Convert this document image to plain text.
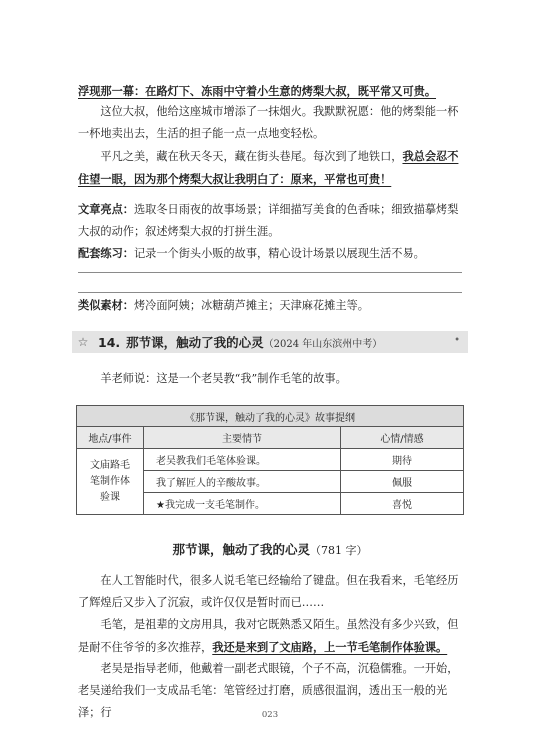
浮现那一幕：在路灯下、冻雨中守着小生意的烤梨大叔，既平常又可贵。

这位大叔，他给这座城市增添了一抹烟火。我默默祝愿：他的烤梨能一杯一杯地卖出去，生活的担子能一点一点地变轻松。

平凡之美，藏在秋天冬天，藏在街头巷尾。每次到了地铁口，我总会忍不住望一眼，因为那个烤梨大叔让我明白了：原来，平常也可贵！

文章亮点：选取冬日雨夜的故事场景；详细描写美食的色香味；细致描摹烤梨大叔的动作；叙述烤梨大叔的打拼生涯。

配套练习：记录一个街头小贩的故事，精心设计场景以展现生活不易。

类似素材：烤冷面阿姨；冰糖葫芦摊主；天津麻花摊主等。

☆ 14. 那节课，触动了我的心灵 （2024 年山东滨州中考）	•

羊老师说：这是一个老吴教“我”制作毛笔的故事。

《那节课，触动了我的心灵》故事提纲		
地点/事件	主要情节	心情/情感

文庙路毛笔制作体验课	老吴教我们毛笔体验课。	期待
	我了解匠人的辛酸故事。	佩服
	★我完成一支毛笔制作。	喜悦
那节课，触动了我的心灵（781 字）

在人工智能时代，很多人说毛笔已经输给了键盘。但在我看来，毛笔经历了辉煌后又步入了沉寂，或许仅仅是暂时而已……

毛笔，是祖辈的文房用具，我对它既熟悉又陌生。虽然没有多少兴致，但是耐不住爷爷的多次推荐，我还是来到了文庙路，上一节毛笔制作体验课。

老吴是指导老师，他戴着一副老式眼镜，个子不高，沉稳儒雅。一开始，老吴递给我们一支成品毛笔：笔管经过打磨，质感很温润，透出玉一般的光泽；行	023
